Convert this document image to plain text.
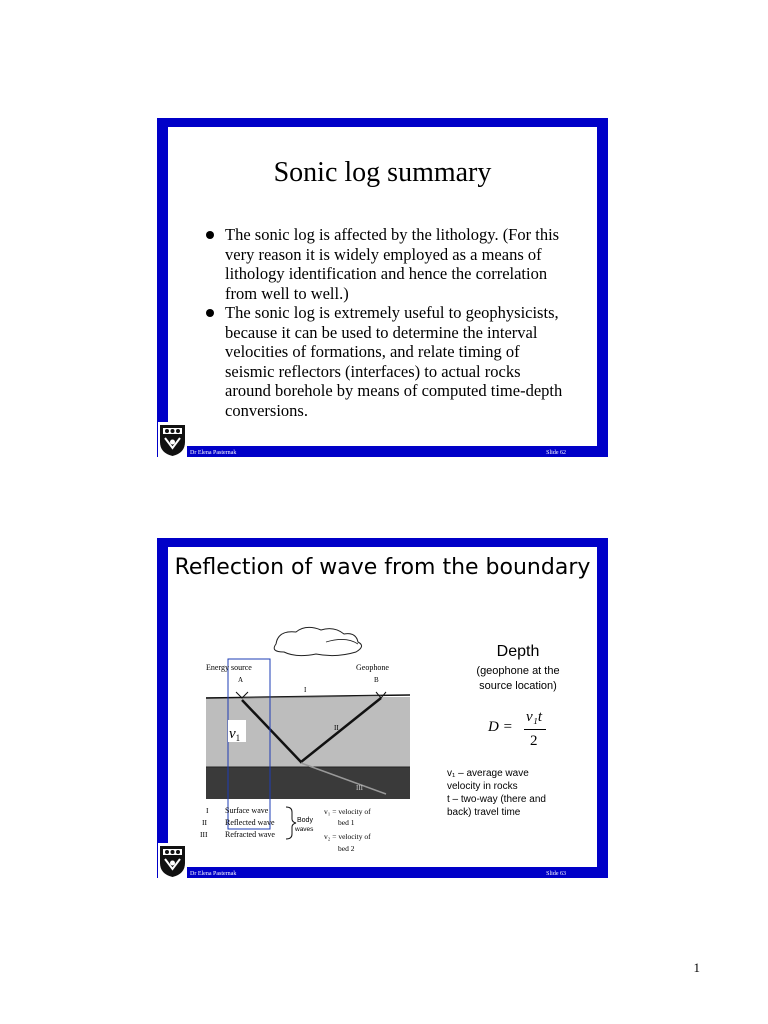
Sonic log summary
The sonic log is affected by the lithology. (For this very reason it is widely employed as a means of lithology identification and hence the correlation from well to well.)
The sonic log is extremely useful to geophysicists, because it can be used to determine the interval velocities of formations, and relate timing of seismic reflectors (interfaces) to actual rocks around borehole by means of computed time-depth conversions.
Dr Elena Pasternak	Slide 62
Reflection of wave from the boundary
Energy source
A
Geophone
B
I
II
III
$v_1$
I
II
III
Surface wave
Reflected wave
Refracted wave
Body
waves
v₁ = velocity of
bed 1
v₂ = velocity of
bed 2
Depth
(geophone at the
source location)
D =
v₁t
2
v₁ – average wave
velocity in rocks
t – two-way (there and
back) travel time
Dr Elena Pasternak	Slide 63
1
